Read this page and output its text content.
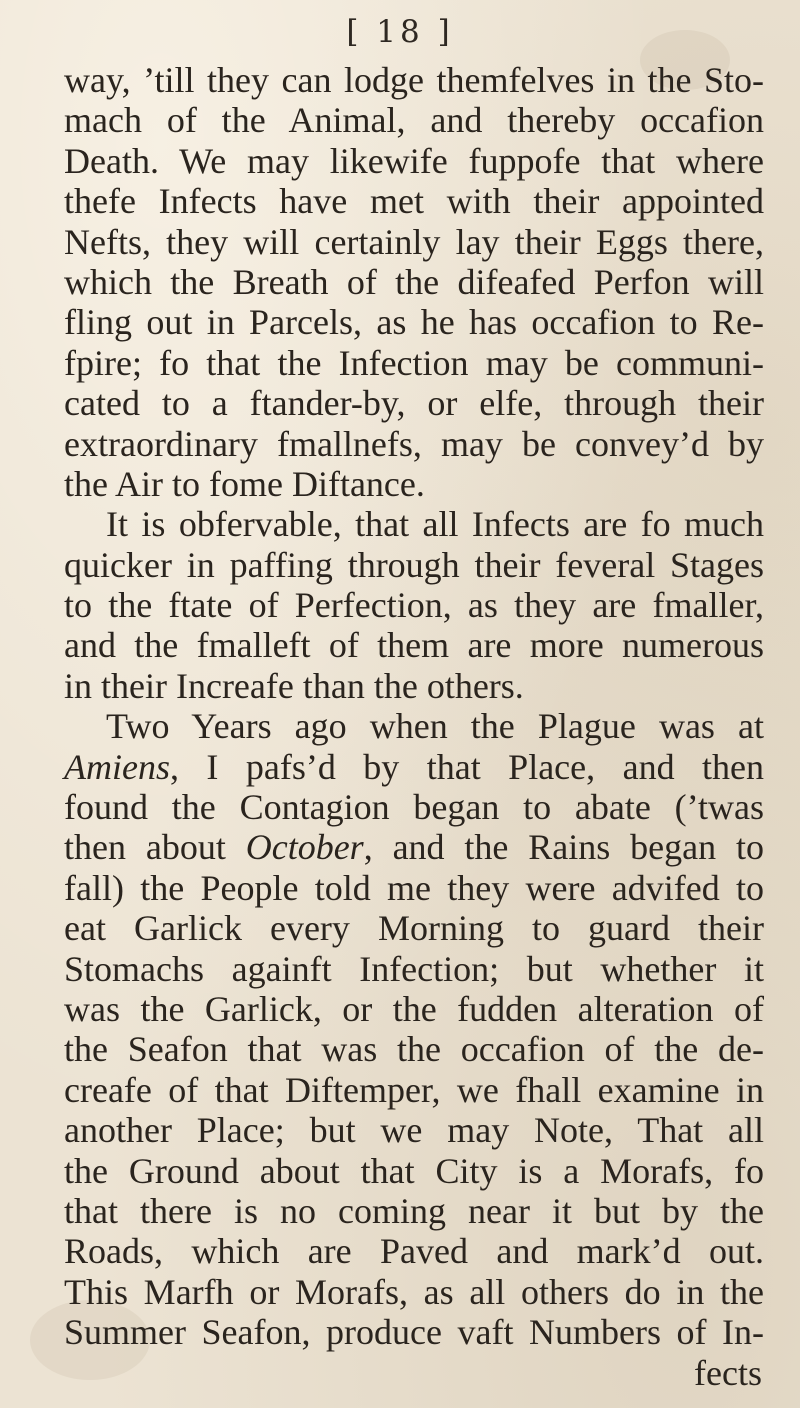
[ 18 ]
way, ’till they can lodge themfelves in the Sto-
mach of the Animal, and thereby occafion
Death. We may likewife fuppofe that where
thefe Infects have met with their appointed
Nefts, they will certainly lay their Eggs there,
which the Breath of the difeafed Perfon will
fling out in Parcels, as he has occafion to Re-
fpire; fo that the Infection may be communi-
cated to a ftander-by, or elfe, through their
extraordinary fmallnefs, may be convey’d by
the Air to fome Diftance.
It is obfervable, that all Infects are fo much
quicker in paffing through their feveral Stages
to the ftate of Perfection, as they are fmaller,
and the fmalleft of them are more numerous
in their Increafe than the others.
Two Years ago when the Plague was at
Amiens, I pafs’d by that Place, and then
found the Contagion began to abate (’twas
then about October, and the Rains began to
fall) the People told me they were advifed to
eat Garlick every Morning to guard their
Stomachs againft Infection; but whether it
was the Garlick, or the fudden alteration of
the Seafon that was the occafion of the de-
creafe of that Diftemper, we fhall examine in
another Place; but we may Note, That all
the Ground about that City is a Morafs, fo
that there is no coming near it but by the
Roads, which are Paved and mark’d out.
This Marfh or Morafs, as all others do in the
Summer Seafon, produce vaft Numbers of In-
fects
